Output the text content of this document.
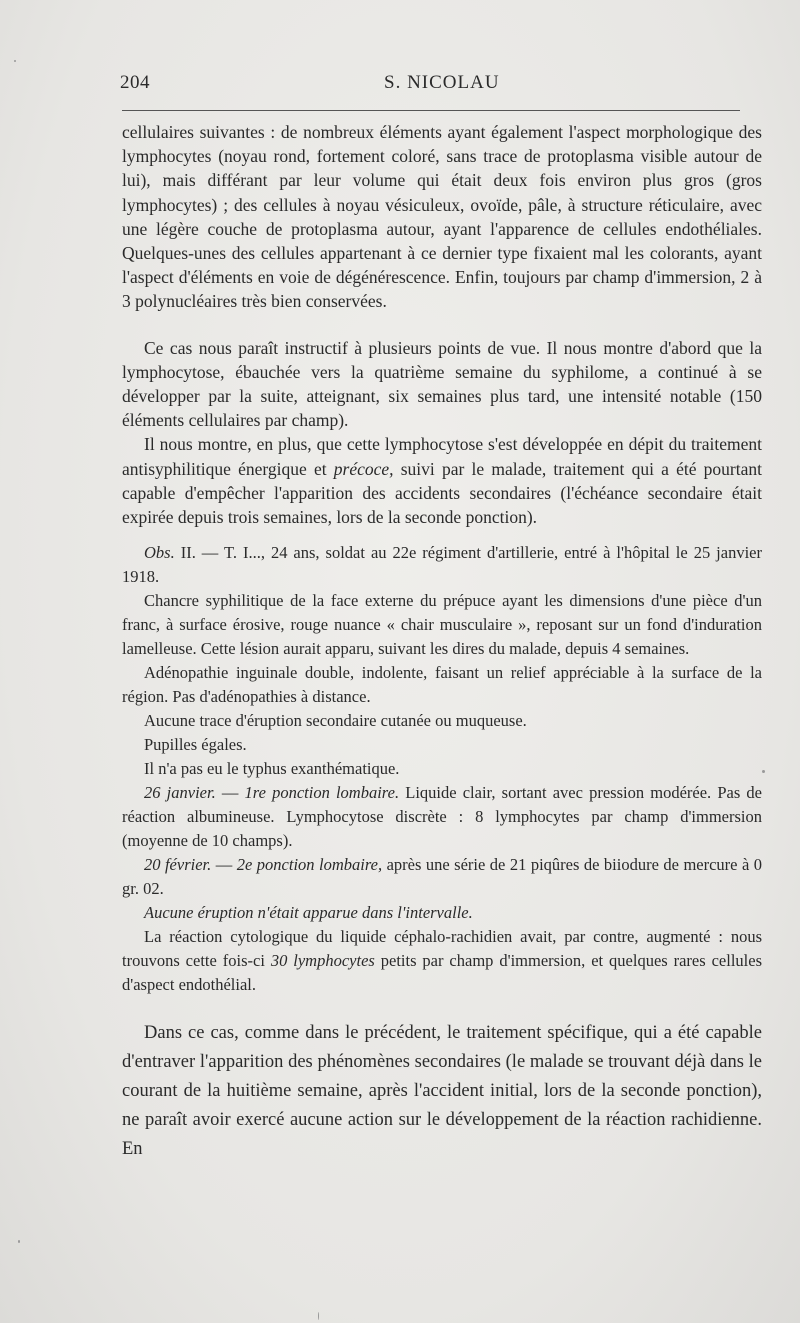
204	S. NICOLAU

cellulaires suivantes : de nombreux éléments ayant également l'aspect morphologique des lymphocytes (noyau rond, fortement coloré, sans trace de protoplasma visible autour de lui), mais différant par leur volume qui était deux fois environ plus gros (gros lymphocytes) ; des cellules à noyau vésiculeux, ovoïde, pâle, à structure réticulaire, avec une légère couche de protoplasma autour, ayant l'apparence de cellules endothéliales. Quelques-unes des cellules appartenant à ce dernier type fixaient mal les colorants, ayant l'aspect d'éléments en voie de dégénérescence. Enfin, toujours par champ d'immersion, 2 à 3 polynucléaires très bien conservées.

Ce cas nous paraît instructif à plusieurs points de vue. Il nous montre d'abord que la lymphocytose, ébauchée vers la quatrième semaine du syphilome, a continué à se développer par la suite, atteignant, six semaines plus tard, une intensité notable (150 éléments cellulaires par champ).

Il nous montre, en plus, que cette lymphocytose s'est développée en dépit du traitement antisyphilitique énergique et précoce, suivi par le malade, traitement qui a été pourtant capable d'empêcher l'apparition des accidents secondaires (l'échéance secondaire était expirée depuis trois semaines, lors de la seconde ponction).

Obs. II. — T. I..., 24 ans, soldat au 22e régiment d'artillerie, entré à l'hôpital le 25 janvier 1918.

Chancre syphilitique de la face externe du prépuce ayant les dimensions d'une pièce d'un franc, à surface érosive, rouge nuance « chair musculaire », reposant sur un fond d'induration lamelleuse. Cette lésion aurait apparu, suivant les dires du malade, depuis 4 semaines.

Adénopathie inguinale double, indolente, faisant un relief appréciable à la surface de la région. Pas d'adénopathies à distance.

Aucune trace d'éruption secondaire cutanée ou muqueuse.

Pupilles égales.

Il n'a pas eu le typhus exanthématique.

26 janvier. — 1re ponction lombaire. Liquide clair, sortant avec pression modérée. Pas de réaction albumineuse. Lymphocytose discrète : 8 lymphocytes par champ d'immersion (moyenne de 10 champs).

20 février. — 2e ponction lombaire, après une série de 21 piqûres de biiodure de mercure à 0 gr. 02.

Aucune éruption n'était apparue dans l'intervalle.

La réaction cytologique du liquide céphalo-rachidien avait, par contre, augmenté : nous trouvons cette fois-ci 30 lymphocytes petits par champ d'immersion, et quelques rares cellules d'aspect endothélial.

Dans ce cas, comme dans le précédent, le traitement spécifique, qui a été capable d'entraver l'apparition des phénomènes secondaires (le malade se trouvant déjà dans le courant de la huitième semaine, après l'accident initial, lors de la seconde ponction), ne paraît avoir exercé aucune action sur le développement de la réaction rachidienne. En
